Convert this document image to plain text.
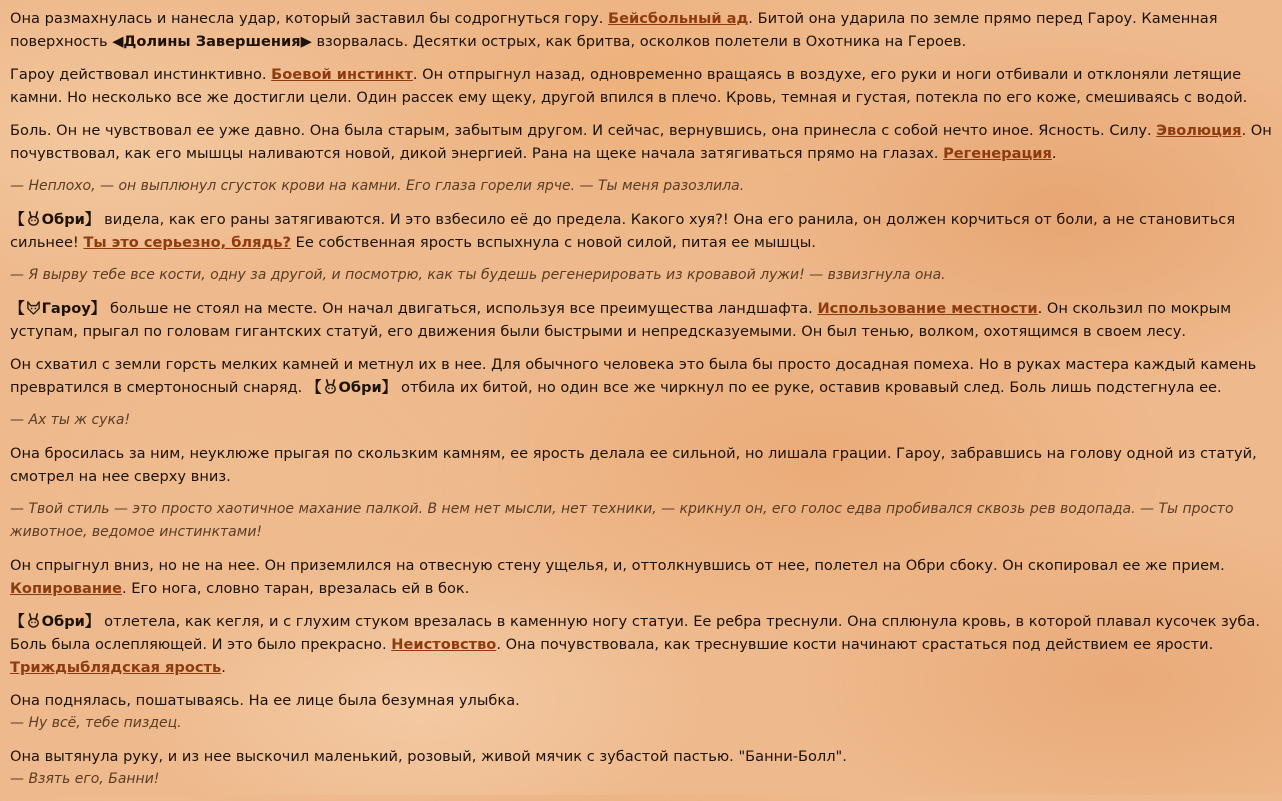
Она размахнулась и нанесла удар, который заставил бы содрогнуться гору. Бейсбольный ад. Битой она ударила по земле прямо перед Гароу. Каменная поверхность ◀Долины Завершения▶ взорвалась. Десятки острых, как бритва, осколков полетели в Охотника на Героев.

Гароу действовал инстинктивно. Боевой инстинкт. Он отпрыгнул назад, одновременно вращаясь в воздухе, его руки и ноги отбивали и отклоняли летящие камни. Но несколько все же достигли цели. Один рассек ему щеку, другой впился в плечо. Кровь, темная и густая, потекла по его коже, смешиваясь с водой.

Боль. Он не чувствовал ее уже давно. Она была старым, забытым другом. И сейчас, вернувшись, она принесла с собой нечто иное. Ясность. Силу. Эволюция. Он почувствовал, как его мышцы наливаются новой, дикой энергией. Рана на щеке начала затягиваться прямо на глазах. Регенерация.

— Неплохо, — он выплюнул сгусток крови на камни. Его глаза горели ярче. — Ты меня разозлила.

【 Обри】 видела, как его раны затягиваются. И это взбесило её до предела. Какого хуя?! Она его ранила, он должен корчиться от боли, а не становиться сильнее! Ты это серьезно, блядь? Ее собственная ярость вспыхнула с новой силой, питая ее мышцы.

— Я вырву тебе все кости, одну за другой, и посмотрю, как ты будешь регенерировать из кровавой лужи! — взвизгнула она.

【 Гароу】 больше не стоял на месте. Он начал двигаться, используя все преимущества ландшафта. Использование местности. Он скользил по мокрым уступам, прыгал по головам гигантских статуй, его движения были быстрыми и непредсказуемыми. Он был тенью, волком, охотящимся в своем лесу.

Он схватил с земли горсть мелких камней и метнул их в нее. Для обычного человека это была бы просто досадная помеха. Но в руках мастера каждый камень превратился в смертоносный снаряд. 【 Обри】 отбила их битой, но один все же чиркнул по ее руке, оставив кровавый след. Боль лишь подстегнула ее.

— Ах ты ж сука!

Она бросилась за ним, неуклюже прыгая по скользким камням, ее ярость делала ее сильной, но лишала грации. Гароу, забравшись на голову одной из статуй, смотрел на нее сверху вниз.

— Твой стиль — это просто хаотичное махание палкой. В нем нет мысли, нет техники, — крикнул он, его голос едва пробивался сквозь рев водопада. — Ты просто животное, ведомое инстинктами!

Он спрыгнул вниз, но не на нее. Он приземлился на отвесную стену ущелья, и, оттолкнувшись от нее, полетел на Обри сбоку. Он скопировал ее же прием. Копирование. Его нога, словно таран, врезалась ей в бок.

【 Обри】 отлетела, как кегля, и с глухим стуком врезалась в каменную ногу статуи. Ее ребра треснули. Она сплюнула кровь, в которой плавал кусочек зуба. Боль была ослепляющей. И это было прекрасно. Неистовство. Она почувствовала, как треснувшие кости начинают срастаться под действием ее ярости. Триждыблядская ярость.

Она поднялась, пошатываясь. На ее лице была безумная улыбка.

— Ну всё, тебе пиздец.

Она вытянула руку, и из нее выскочил маленький, розовый, живой мячик с зубастой пастью. "Банни-Болл".

— Взять его, Банни!
